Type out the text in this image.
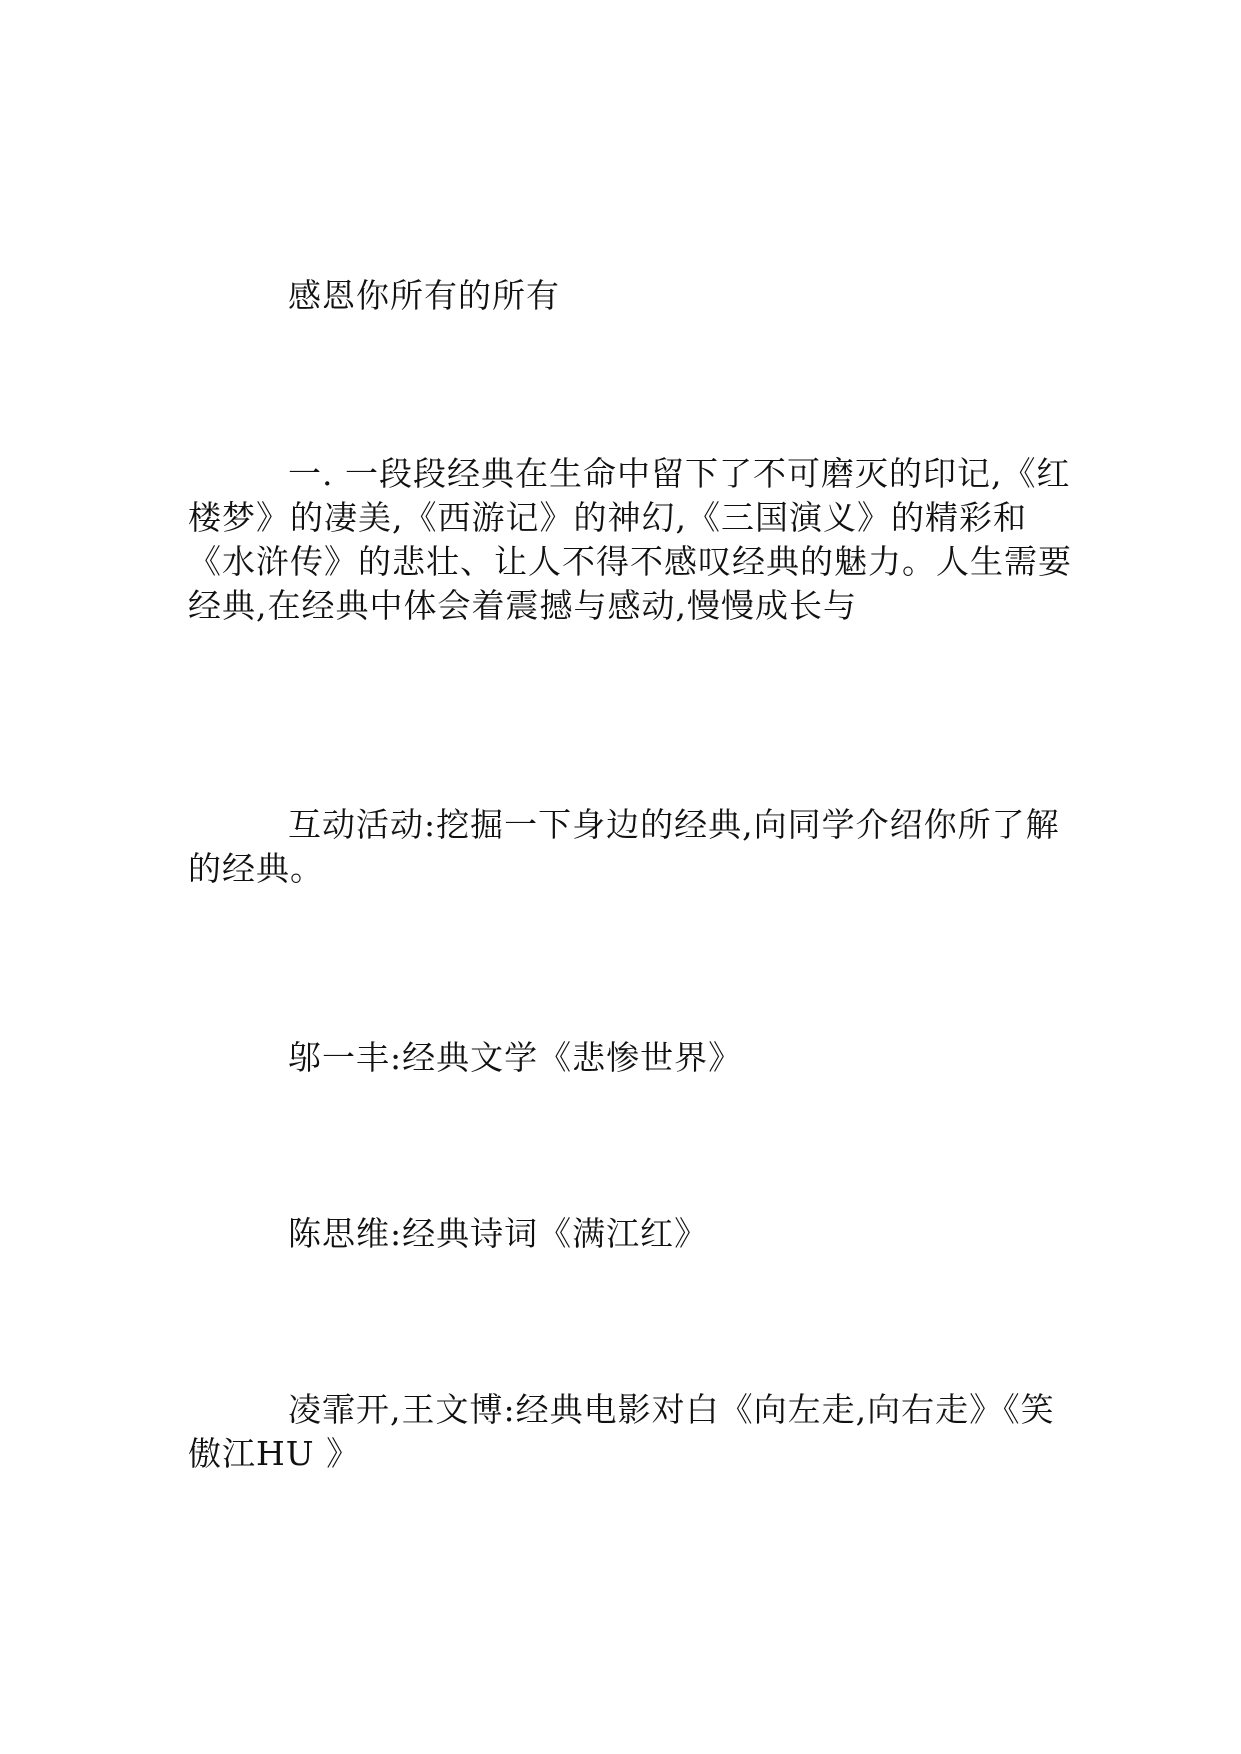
感恩你所有的所有

一. 一段段经典在生命中留下了不可磨灭的印记,《红楼梦》的凄美,《西游记》的神幻,《三国演义》的精彩和《水浒传》的悲壮、让人不得不感叹经典的魅力。人生需要经典,在经典中体会着震撼与感动,慢慢成长与

互动活动:挖掘一下身边的经典,向同学介绍你所了解的经典。

邬一丰:经典文学《悲惨世界》

陈思维:经典诗词《满江红》

凌霏开,王文博:经典电影对白《向左走,向右走》《笑傲江HU 》
